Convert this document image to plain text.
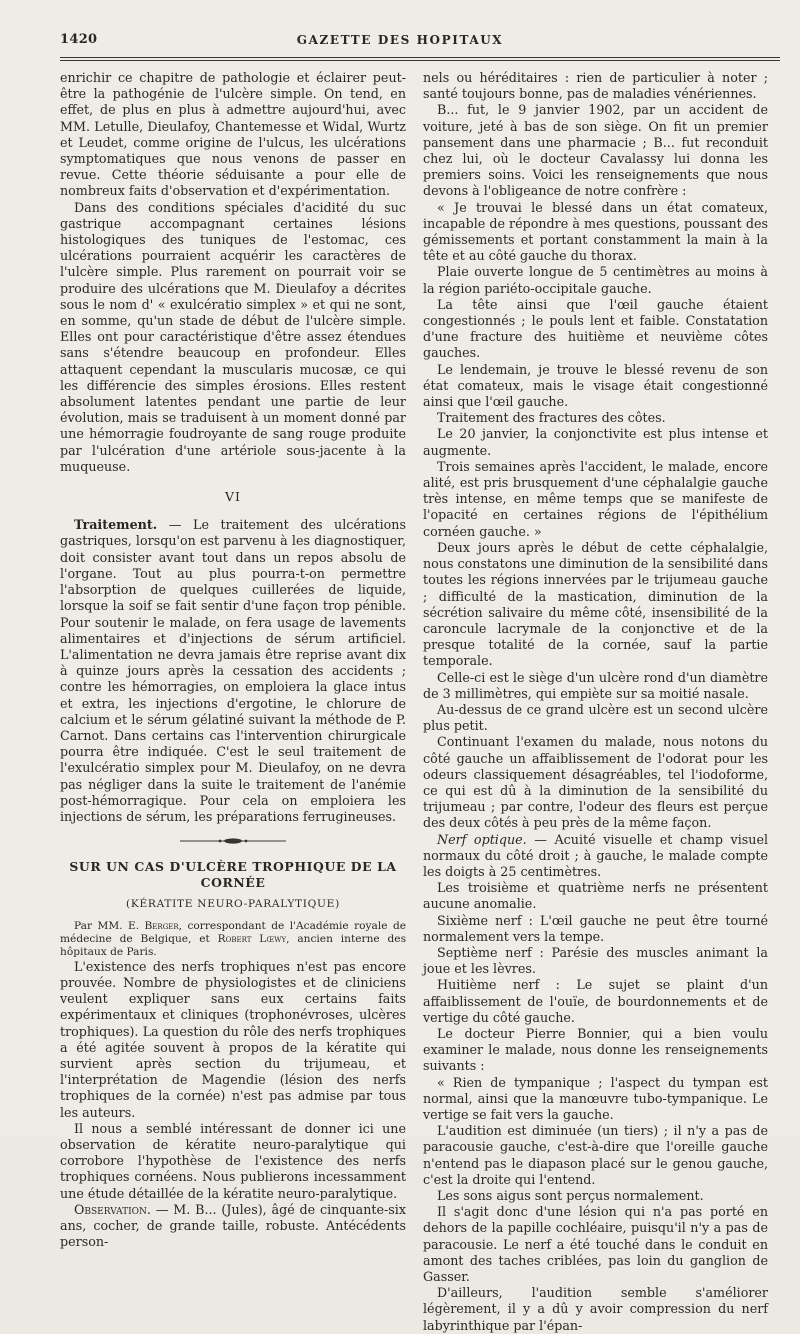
1420	GAZETTE DES HOPITAUX

enrichir ce chapitre de pathologie et éclairer peut-être la pathogénie de l'ulcère simple. On tend, en effet, de plus en plus à admettre aujourd'hui, avec MM. Letulle, Dieulafoy, Chantemesse et Widal, Wurtz et Leudet, comme origine de l'ulcus, les ulcérations symptomatiques que nous venons de passer en revue. Cette théorie séduisante a pour elle de nombreux faits d'observation et d'expérimentation.

Dans des conditions spéciales d'acidité du suc gastrique accompagnant certaines lésions histologiques des tuniques de l'estomac, ces ulcérations pourraient acquérir les caractères de l'ulcère simple. Plus rarement on pourrait voir se produire des ulcérations que M. Dieulafoy a décrites sous le nom d' « exulcératio simplex » et qui ne sont, en somme, qu'un stade de début de l'ulcère simple. Elles ont pour caractéristique d'être assez étendues sans s'étendre beaucoup en profondeur. Elles attaquent cependant la muscularis mucosæ, ce qui les différencie des simples érosions. Elles restent absolument latentes pendant une partie de leur évolution, mais se traduisent à un moment donné par une hémorragie foudroyante de sang rouge produite par l'ulcération d'une artériole sous-jacente à la muqueuse.

VI

Traitement. — Le traitement des ulcérations gastriques, lorsqu'on est parvenu à les diagnostiquer, doit consister avant tout dans un repos absolu de l'organe. Tout au plus pourra-t-on permettre l'absorption de quelques cuillerées de liquide, lorsque la soif se fait sentir d'une façon trop pénible. Pour soutenir le malade, on fera usage de lavements alimentaires et d'injections de sérum artificiel. L'alimentation ne devra jamais être reprise avant dix à quinze jours après la cessation des accidents ; contre les hémorragies, on emploiera la glace intus et extra, les injections d'ergotine, le chlorure de calcium et le sérum gélatiné suivant la méthode de P. Carnot. Dans certains cas l'intervention chirurgicale pourra être indiquée. C'est le seul traitement de l'exulcératio simplex pour M. Dieulafoy, on ne devra pas négliger dans la suite le traitement de l'anémie post-hémorragique. Pour cela on emploiera les injections de sérum, les préparations ferrugineuses.

SUR UN CAS D'ULCÈRE TROPHIQUE DE LA CORNÉE
(KÉRATITE NEURO-PARALYTIQUE)

Par MM. E. Berger, correspondant de l'Académie royale de médecine de Belgique, et Robert Lœwy, ancien interne des hôpitaux de Paris.

L'existence des nerfs trophiques n'est pas encore prouvée. Nombre de physiologistes et de cliniciens veulent expliquer sans eux certains faits expérimentaux et cliniques (trophonévroses, ulcères trophiques). La question du rôle des nerfs trophiques a été agitée souvent à propos de la kératite qui survient après section du trijumeau, et l'interprétation de Magendie (lésion des nerfs trophiques de la cornée) n'est pas admise par tous les auteurs.

Il nous a semblé intéressant de donner ici une observation de kératite neuro-paralytique qui corrobore l'hypothèse de l'existence des nerfs trophiques cornéens. Nous publierons incessamment une étude détaillée de la kératite neuro-paralytique.

Observation. — M. B... (Jules), âgé de cinquante-six ans, cocher, de grande taille, robuste. Antécédents person-

nels ou héréditaires : rien de particulier à noter ; santé toujours bonne, pas de maladies vénériennes.

B... fut, le 9 janvier 1902, par un accident de voiture, jeté à bas de son siège. On fit un premier pansement dans une pharmacie ; B... fut reconduit chez lui, où le docteur Cavalassy lui donna les premiers soins. Voici les renseignements que nous devons à l'obligeance de notre confrère :

« Je trouvai le blessé dans un état comateux, incapable de répondre à mes questions, poussant des gémissements et portant constamment la main à la tête et au côté gauche du thorax.

Plaie ouverte longue de 5 centimètres au moins à la région pariéto-occipitale gauche.

La tête ainsi que l'œil gauche étaient congestionnés ; le pouls lent et faible. Constatation d'une fracture des huitième et neuvième côtes gauches.

Le lendemain, je trouve le blessé revenu de son état comateux, mais le visage était congestionné ainsi que l'œil gauche.

Traitement des fractures des côtes.

Le 20 janvier, la conjonctivite est plus intense et augmente.

Trois semaines après l'accident, le malade, encore alité, est pris brusquement d'une céphalalgie gauche très intense, en même temps que se manifeste de l'opacité en certaines régions de l'épithélium cornéen gauche. »

Deux jours après le début de cette céphalalgie, nous constatons une diminution de la sensibilité dans toutes les régions innervées par le trijumeau gauche ; difficulté de la mastication, diminution de la sécrétion salivaire du même côté, insensibilité de la caroncule lacrymale de la conjonctive et de la presque totalité de la cornée, sauf la partie temporale.

Celle-ci est le siège d'un ulcère rond d'un diamètre de 3 millimètres, qui empiète sur sa moitié nasale.

Au-dessus de ce grand ulcère est un second ulcère plus petit.

Continuant l'examen du malade, nous notons du côté gauche un affaiblissement de l'odorat pour les odeurs classiquement désagréables, tel l'iodoforme, ce qui est dû à la diminution de la sensibilité du trijumeau ; par contre, l'odeur des fleurs est perçue des deux côtés à peu près de la même façon.

Nerf optique. — Acuité visuelle et champ visuel normaux du côté droit ; à gauche, le malade compte les doigts à 25 centimètres.

Les troisième et quatrième nerfs ne présentent aucune anomalie.

Sixième nerf : L'œil gauche ne peut être tourné normalement vers la tempe.

Septième nerf : Parésie des muscles animant la joue et les lèvres.

Huitième nerf : Le sujet se plaint d'un affaiblissement de l'ouïe, de bourdonnements et de vertige du côté gauche.

Le docteur Pierre Bonnier, qui a bien voulu examiner le malade, nous donne les renseignements suivants :

« Rien de tympanique ; l'aspect du tympan est normal, ainsi que la manœuvre tubo-tympanique. Le vertige se fait vers la gauche.

L'audition est diminuée (un tiers) ; il n'y a pas de paracousie gauche, c'est-à-dire que l'oreille gauche n'entend pas le diapason placé sur le genou gauche, c'est la droite qui l'entend.

Les sons aigus sont perçus normalement.

Il s'agit donc d'une lésion qui n'a pas porté en dehors de la papille cochléaire, puisqu'il n'y a pas de paracousie. Le nerf a été touché dans le conduit en amont des taches criblées, pas loin du ganglion de Gasser.

D'ailleurs, l'audition semble s'améliorer légèrement, il y a dû y avoir compression du nerf labyrinthique par l'épan-
